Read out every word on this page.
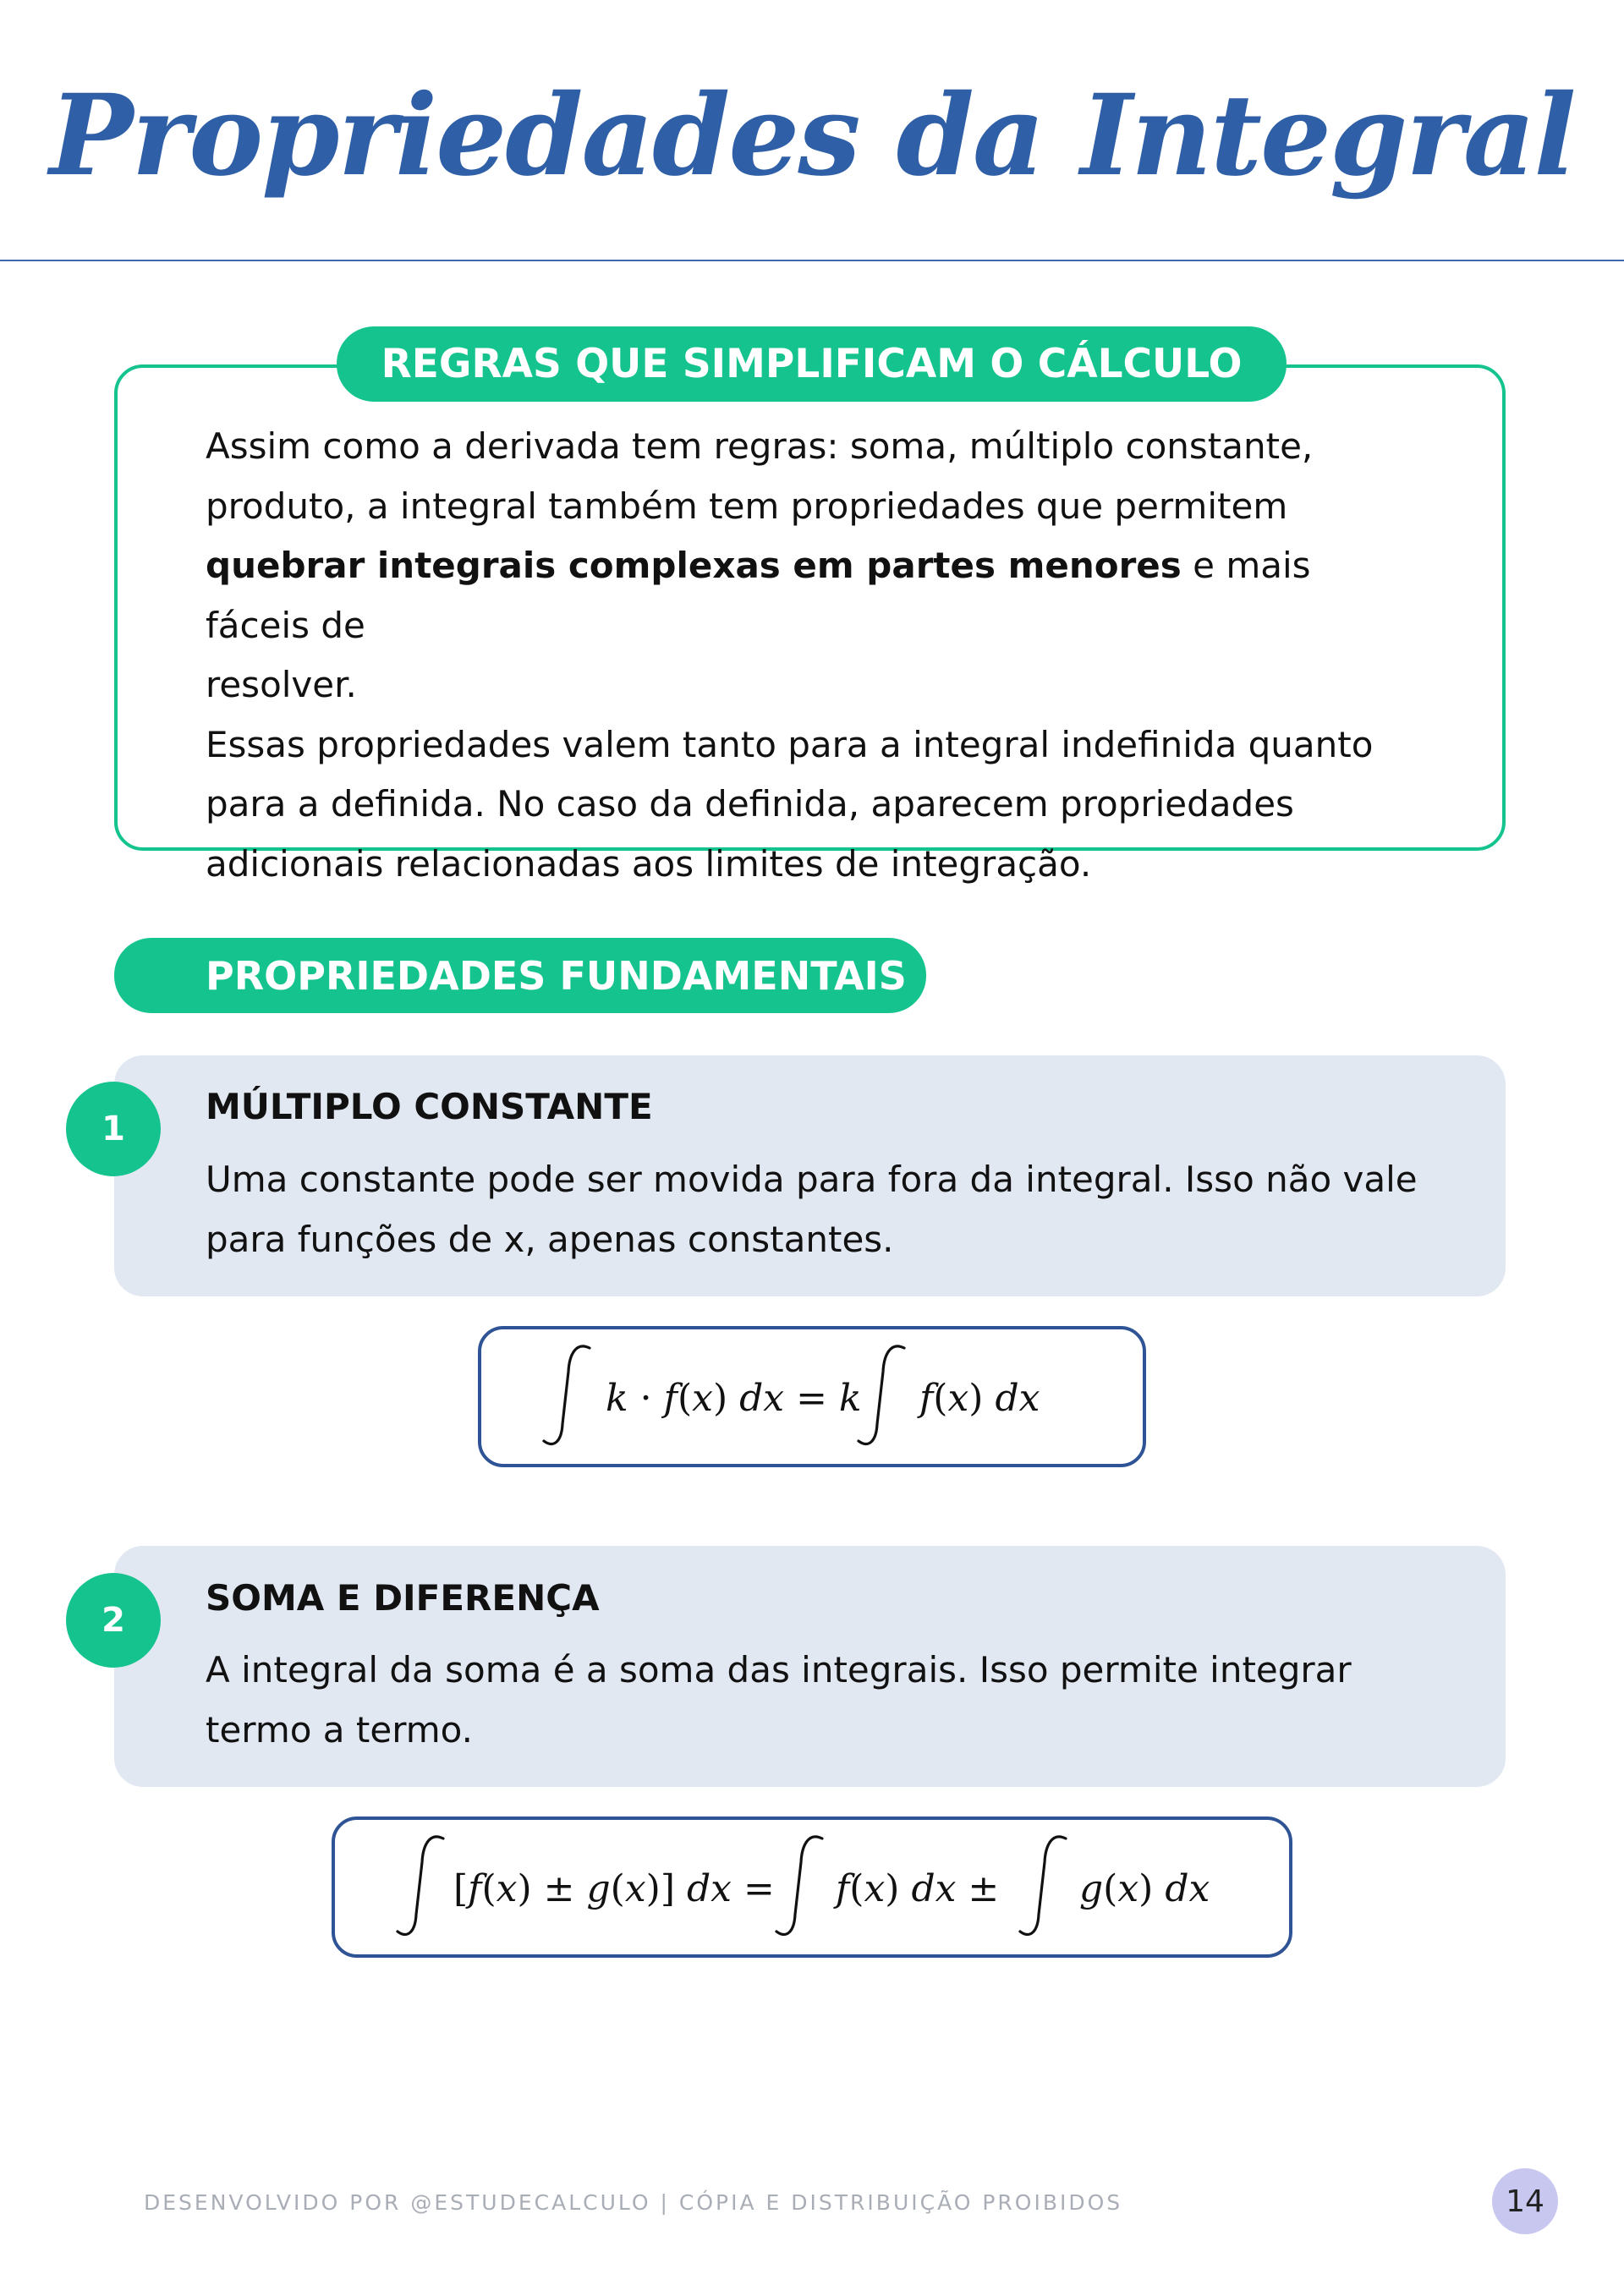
Propriedades da Integral
REGRAS QUE SIMPLIFICAM O CÁLCULO

Assim como a derivada tem regras: soma, múltiplo constante,

produto, a integral também tem propriedades que permitem

quebrar integrais complexas em partes menores e mais fáceis de

resolver.

Essas propriedades valem tanto para a integral indefinida quanto

para a definida. No caso da definida, aparecem propriedades

adicionais relacionadas aos limites de integração.

PROPRIEDADES FUNDAMENTAIS
1
MÚLTIPLO CONSTANTE
Uma constante pode ser movida para fora da integral. Isso não vale
para funções de x, apenas constantes.
k · f(x) dx = k f(x) dx
2
SOMA E DIFERENÇA
A integral da soma é a soma das integrais. Isso permite integrar
termo a termo.
[f(x) ± g(x)] dx = f(x) dx ± g(x) dx
DESENVOLVIDO POR @ESTUDECALCULO | CÓPIA E DISTRIBUIÇÃO PROIBIDOS	14
